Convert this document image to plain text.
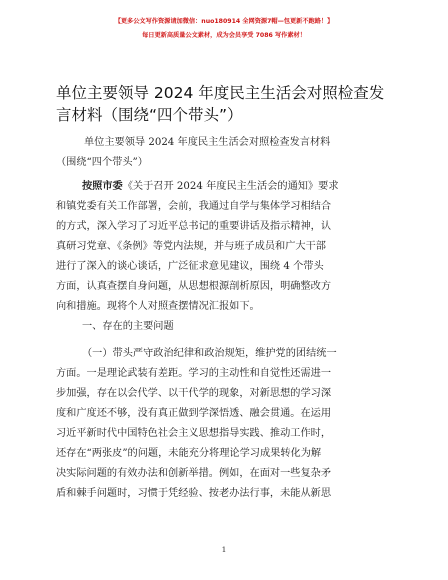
【更多公文写作资源请加微信：nuo180914 全网资源7帽—包更新不跑路！】
每日更新高质量公文素材，成为会员享受 7086 写作素材！
单位主要领导 2024 年度民主生活会对照检查发
言材料（围绕“四个带头”）
单位主要领导 2024 年度民主生活会对照检查发言材料
（围绕“四个带头”）
按照市委《关于召开 2024 年度民主生活会的通知》要求
和镇党委有关工作部署，会前，我通过自学与集体学习相结合
的方式，深入学习了习近平总书记的重要讲话及指示精神，认
真研习党章、《条例》等党内法规，并与班子成员和广大干部
进行了深入的谈心谈话，广泛征求意见建议，围绕 4 个带头
方面，认真查摆自身问题，从思想根源剖析原因，明确整改方
向和措施。现将个人对照查摆情况汇报如下。
一、存在的主要问题
（一）带头严守政治纪律和政治规矩，维护党的团结统一
方面。一是理论武装有差距。学习的主动性和自觉性还需进一
步加强，存在以会代学、以干代学的现象，对新思想的学习深
度和广度还不够，没有真正做到学深悟透、融会贯通。在运用
习近平新时代中国特色社会主义思想指导实践、推动工作时，
还存在“两张皮”的问题，未能充分将理论学习成果转化为解
决实际问题的有效办法和创新举措。例如，在面对一些复杂矛
盾和棘手问题时，习惯于凭经验、按老办法行事，未能从新思
1
